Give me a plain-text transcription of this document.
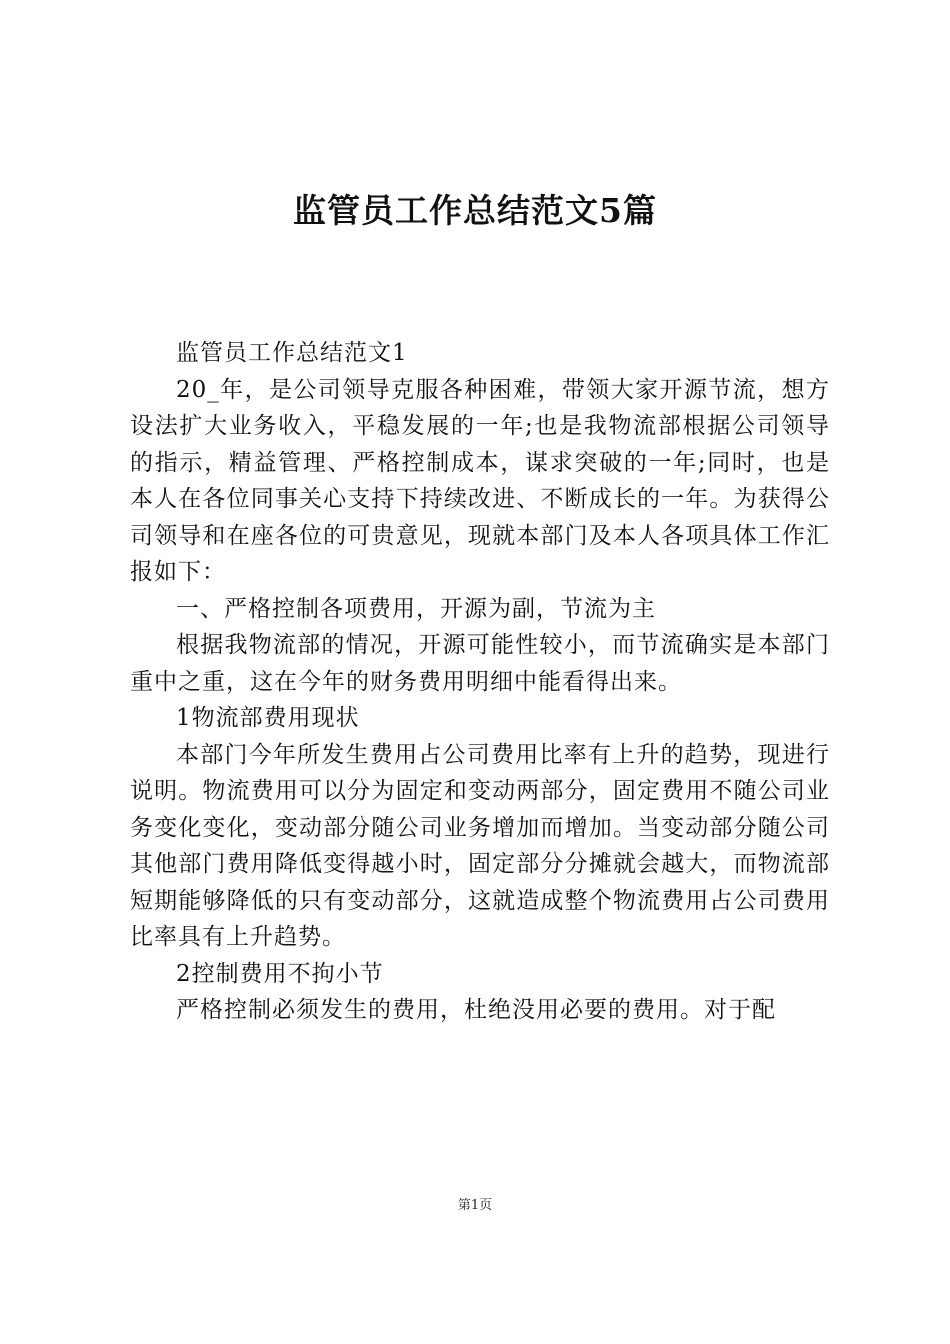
监管员工作总结范文5篇

监管员工作总结范文1

20_年，是公司领导克服各种困难，带领大家开源节流，想方设法扩大业务收入，平稳发展的一年;也是我物流部根据公司领导的指示，精益管理、严格控制成本，谋求突破的一年;同时，也是本人在各位同事关心支持下持续改进、不断成长的一年。为获得公司领导和在座各位的可贵意见，现就本部门及本人各项具体工作汇报如下：

一、严格控制各项费用，开源为副，节流为主

根据我物流部的情况，开源可能性较小，而节流确实是本部门重中之重，这在今年的财务费用明细中能看得出来。

1物流部费用现状

本部门今年所发生费用占公司费用比率有上升的趋势，现进行说明。物流费用可以分为固定和变动两部分，固定费用不随公司业务变化变化，变动部分随公司业务增加而增加。当变动部分随公司其他部门费用降低变得越小时，固定部分分摊就会越大，而物流部短期能够降低的只有变动部分，这就造成整个物流费用占公司费用比率具有上升趋势。

2控制费用不拘小节

严格控制必须发生的费用，杜绝没用必要的费用。对于配

第1页
